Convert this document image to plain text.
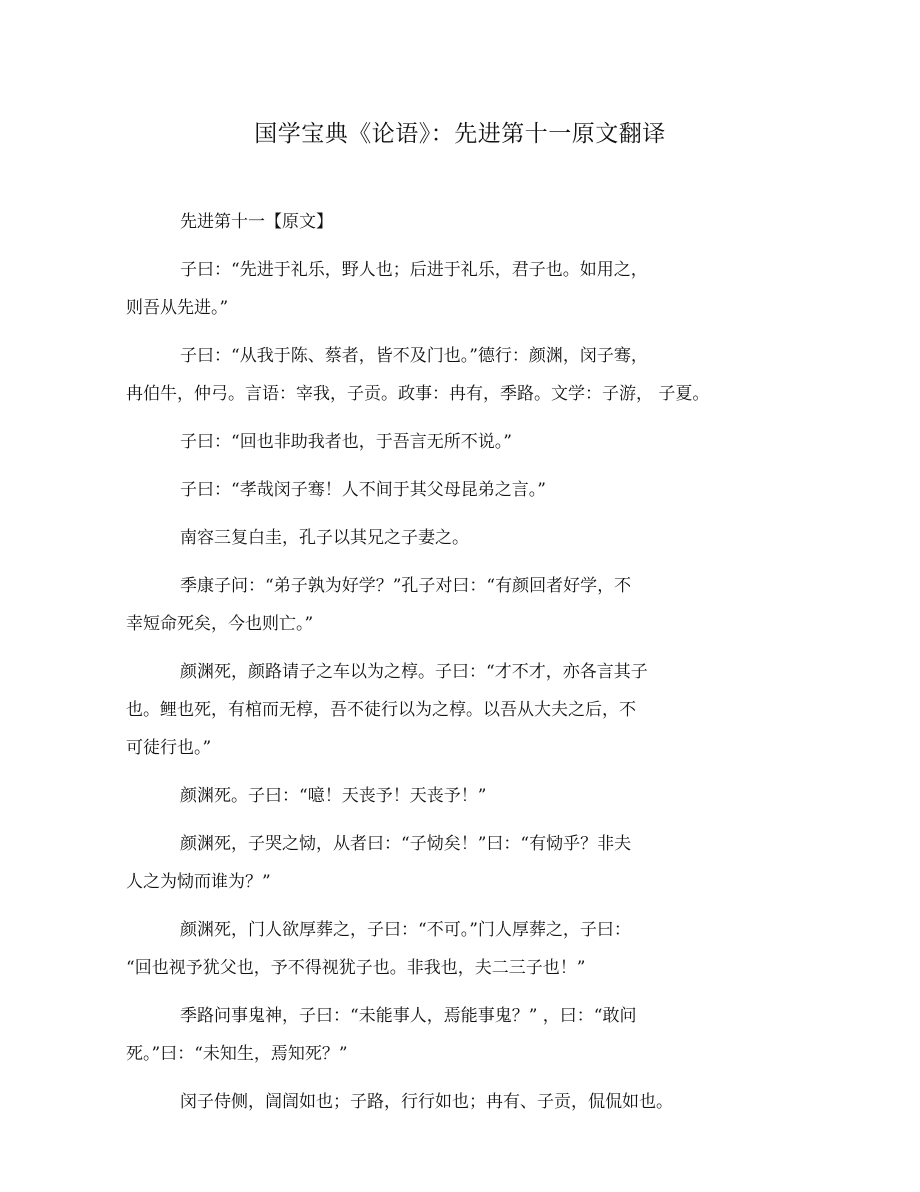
国学宝典《论语》：先进第十一原文翻译

先进第十一【原文】

子曰：“先进于礼乐，野人也；后进于礼乐，君子也。如用之，
则吾从先进。”

子曰：“从我于陈、蔡者，皆不及门也。”德行：颜渊，闵子骞，
冉伯牛，仲弓。言语：宰我，子贡。政事：冉有，季路。文学：子游， 子夏。

子曰：“回也非助我者也，于吾言无所不说。”

子曰：“孝哉闵子骞！人不间于其父母昆弟之言。”

南容三复白圭，孔子以其兄之子妻之。

季康子问：“弟子孰为好学？”孔子对曰：“有颜回者好学，不
幸短命死矣，今也则亡。”

颜渊死，颜路请子之车以为之椁。子曰：“才不才，亦各言其子
也。鲤也死，有棺而无椁，吾不徒行以为之椁。以吾从大夫之后，不
可徒行也。”

颜渊死。子曰：“噫！天丧予！天丧予！”

颜渊死，子哭之恸，从者曰：“子恸矣！”曰：“有恸乎？非夫
人之为恸而谁为？”

颜渊死，门人欲厚葬之，子曰：“不可。”门人厚葬之，子曰：
“回也视予犹父也，予不得视犹子也。非我也，夫二三子也！”

季路问事鬼神，子曰：“未能事人，焉能事鬼？” ，曰：“敢问
死。”曰：“未知生，焉知死？”

闵子侍侧，訚訚如也；子路，行行如也；冉有、子贡，侃侃如也。
